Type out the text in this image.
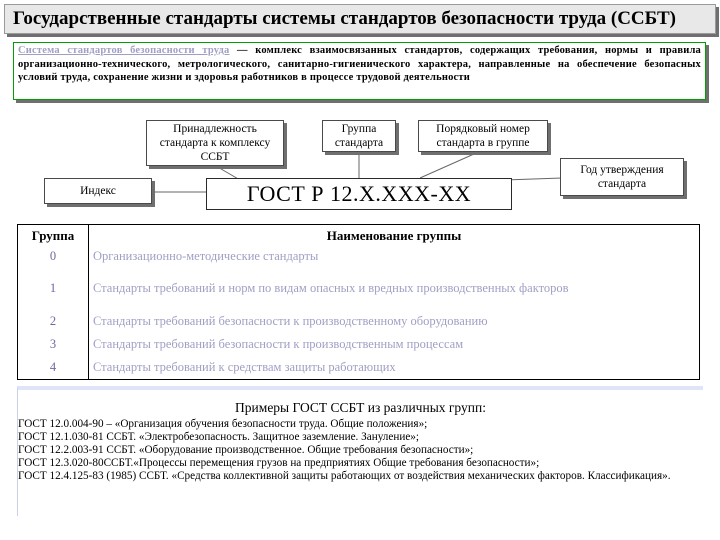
Государственные стандарты системы стандартов безопасности труда (ССБТ)
Система стандартов безопасности труда — комплекс взаимосвязанных стандартов, содержащих требования, нормы и правила организационно-технического, метрологического, санитарно-гигиенического характера, направленные на обеспечение безопасных условий труда, сохранение жизни и здоровья работников в процессе трудовой деятельности
Принадлежность стандарта к комплексу ССБТ
Группа стандарта
Порядковый номер стандарта в группе
Год утверждения стандарта
Индекс	ГОСТ Р 12.X.XXX-XX
Группа	Наименование группы
0	Организационно-методические стандарты
1	Стандарты требований и норм по видам опасных и вредных производственных факторов
2	Стандарты требований безопасности к производственному оборудованию
3	Стандарты требований безопасности к производственным процессам
4	Стандарты требований к средствам защиты работающих
Примеры ГОСТ ССБТ из различных групп:
ГОСТ 12.0.004-90 – «Организация обучения безопасности труда. Общие положения»;
ГОСТ 12.1.030-81 ССБТ. «Электробезопасность. Защитное заземление. Зануление»;
ГОСТ 12.2.003-91 ССБТ. «Оборудование производственное. Общие требования безопасности»;
ГОСТ 12.3.020-80ССБТ.«Процессы перемещения грузов на предприятиях Общие требования безопасности»;
ГОСТ 12.4.125-83 (1985) ССБТ. «Средства коллективной защиты работающих от воздействия механических факторов. Классификация».
